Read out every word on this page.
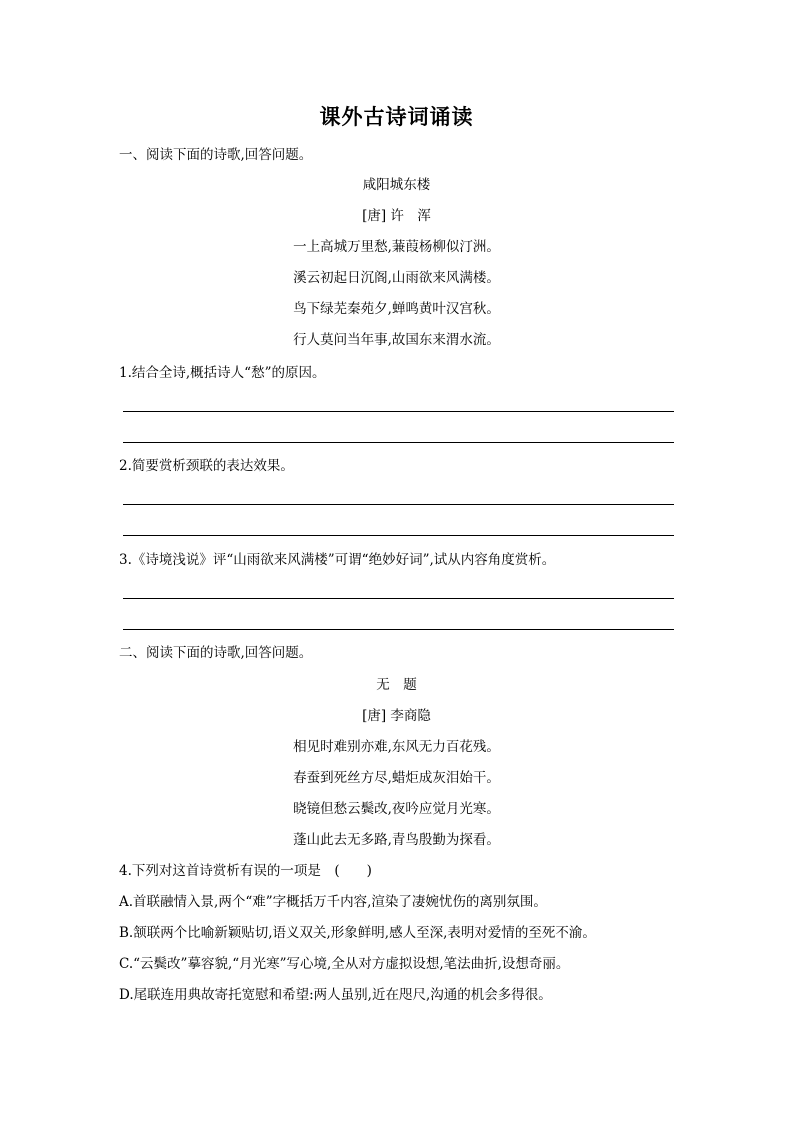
课外古诗词诵读
一、阅读下面的诗歌,回答问题。
咸阳城东楼
[唐] 许　浑
一上高城万里愁,蒹葭杨柳似汀洲。
溪云初起日沉阁,山雨欲来风满楼。
鸟下绿芜秦苑夕,蝉鸣黄叶汉宫秋。
行人莫问当年事,故国东来渭水流。
1.结合全诗,概括诗人“愁”的原因。
2.简要赏析颈联的表达效果。
3.《诗境浅说》评“山雨欲来风满楼”可谓“绝妙好词”,试从内容角度赏析。
二、阅读下面的诗歌,回答问题。
无　题
[唐] 李商隐
相见时难别亦难,东风无力百花残。
春蚕到死丝方尽,蜡炬成灰泪始干。
晓镜但愁云鬓改,夜吟应觉月光寒。
蓬山此去无多路,青鸟殷勤为探看。
4.下列对这首诗赏析有误的一项是　(　　)
A.首联融情入景,两个“难”字概括万千内容,渲染了凄婉忧伤的离别氛围。
B.颔联两个比喻新颖贴切,语义双关,形象鲜明,感人至深,表明对爱情的至死不渝。
C.“云鬓改”摹容貌,“月光寒”写心境,全从对方虚拟设想,笔法曲折,设想奇丽。
D.尾联连用典故寄托宽慰和希望:两人虽别,近在咫尺,沟通的机会多得很。
